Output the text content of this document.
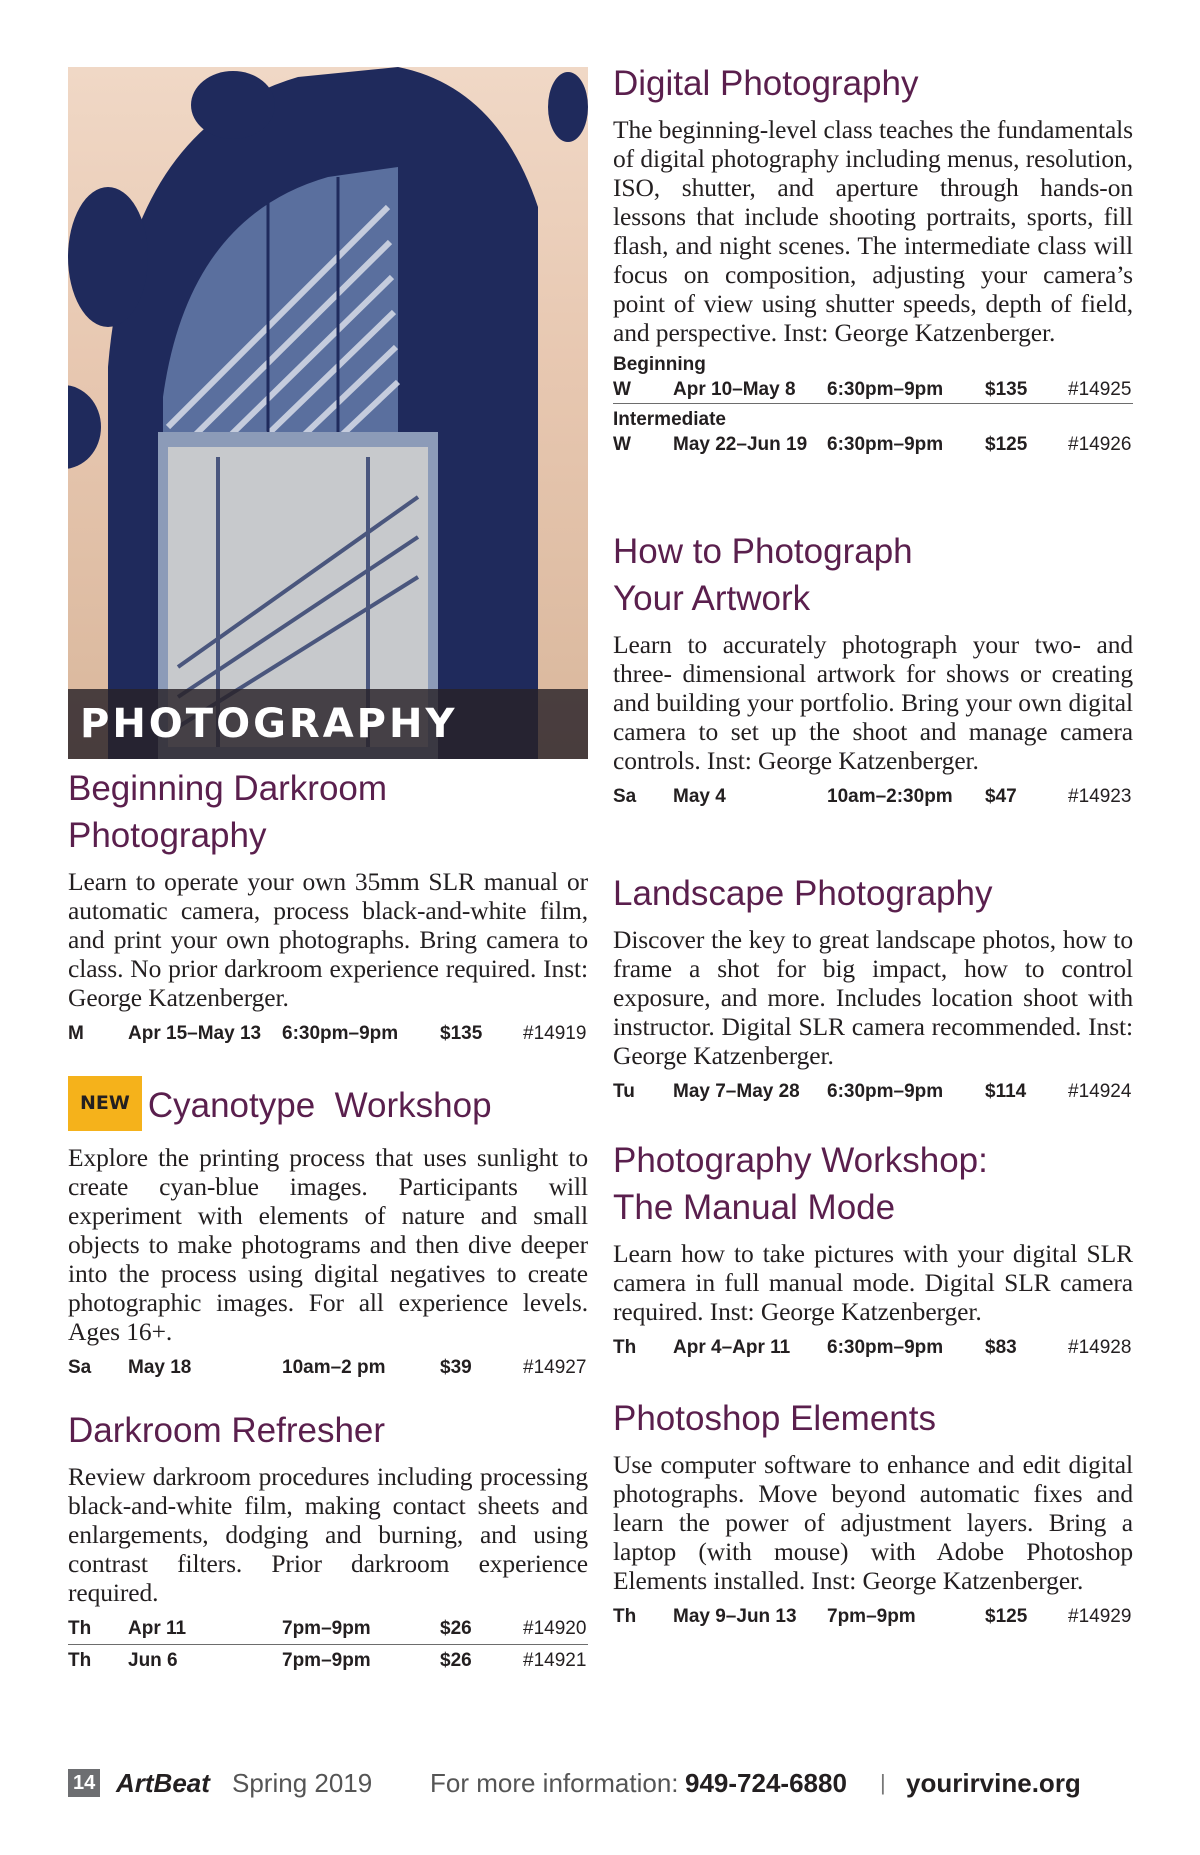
PHOTOGRAPHY
Beginning Darkroom
Photography

Learn to operate your own 35mm SLR manual or automatic camera, process black-and-white film, and print your own photographs. Bring camera to class. No prior darkroom experience required. Inst: George Katzenberger.

M Apr 15–May 13 6:30pm–9pm $135 #14919
NEW Cyanotype  Workshop

Explore the printing process that uses sunlight to create cyan-blue images. Participants will experiment with elements of nature and small objects to make photograms and then dive deeper into the process using digital negatives to create photographic images. For all experience levels. Ages 16+.

Sa May 18	10am–2 pm	$39	#14927
Darkroom Refresher

Review darkroom procedures including processing black-and-white film, making contact sheets and enlargements, dodging and burning, and using contrast filters. Prior darkroom experience required.

Th Apr 11	7pm–9pm	$26	#14920
Th Jun 6	7pm–9pm	$26	#14921
Digital Photography

The beginning-level class teaches the fundamentals of digital photography including menus, resolution, ISO, shutter, and aperture through hands-on lessons that include shooting portraits, sports, fill flash, and night scenes. The intermediate class will focus on composition, adjusting your camera’s point of view using shutter speeds, depth of field, and perspective. Inst: George Katzenberger.

Beginning
W Apr 10–May 8 6:30pm–9pm $135 #14925
Intermediate
W May 22–Jun 19 6:30pm–9pm $125 #14926
How to Photograph
Your Artwork

Learn to accurately photograph your two- and three- dimensional artwork for shows or creating and building your portfolio. Bring your own digital camera to set up the shoot and manage camera controls. Inst: George Katzenberger.

Sa May 4	10am–2:30pm $47	#14923
Landscape Photography

Discover the key to great landscape photos, how to frame a shot for big impact, how to control exposure, and more. Includes location shoot with instructor. Digital SLR camera recommended. Inst: George Katzenberger.

Tu May 7–May 28 6:30pm–9pm $114 #14924
Photography Workshop:
The Manual Mode

Learn how to take pictures with your digital SLR camera in full manual mode. Digital SLR camera required. Inst: George Katzenberger.

Th Apr 4–Apr 11 6:30pm–9pm $83	#14928
Photoshop Elements

Use computer software to enhance and edit digital photographs. Move beyond automatic fixes and learn the power of adjustment layers. Bring a laptop (with mouse) with Adobe Photoshop Elements installed. Inst: George Katzenberger.

Th May 9–Jun 13 7pm–9pm	$125 #14929
14 ArtBeat Spring 2019 For more information: 949-724-6880 | yourirvine.org
